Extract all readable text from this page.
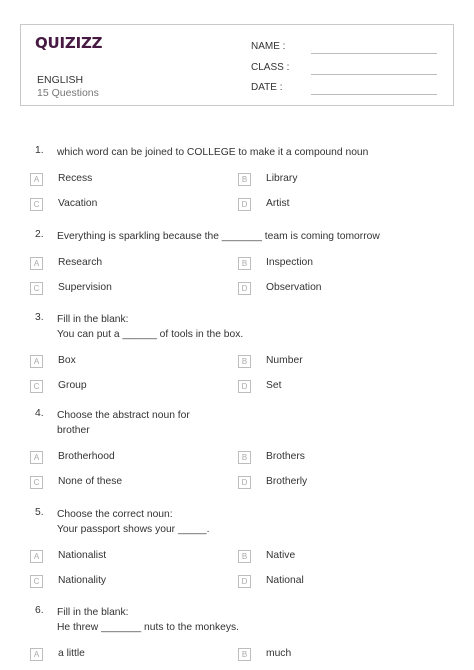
QUIZIZZ
ENGLISH
15 Questions
NAME :
CLASS :
DATE :
1.	which word can be joined to COLLEGE to make it a compound noun
A	Recess	B	Library
C	Vacation	D	Artist
2.	Everything is sparkling because the _______ team is coming tomorrow
A	Research	B	Inspection
C	Supervision	D	Observation
3.	Fill in the blank:
You can put a ______ of tools in the box.
A	Box	B	Number
C	Group	D	Set
4.	Choose the abstract noun for
brother
A	Brotherhood	B	Brothers
C	None of these	D	Brotherly
5.	Choose the correct noun:
Your passport shows your _____.
A	Nationalist	B	Native
C	Nationality	D	National
6.	Fill in the blank:
He threw _______ nuts to the monkeys.
A	a little	B	much
